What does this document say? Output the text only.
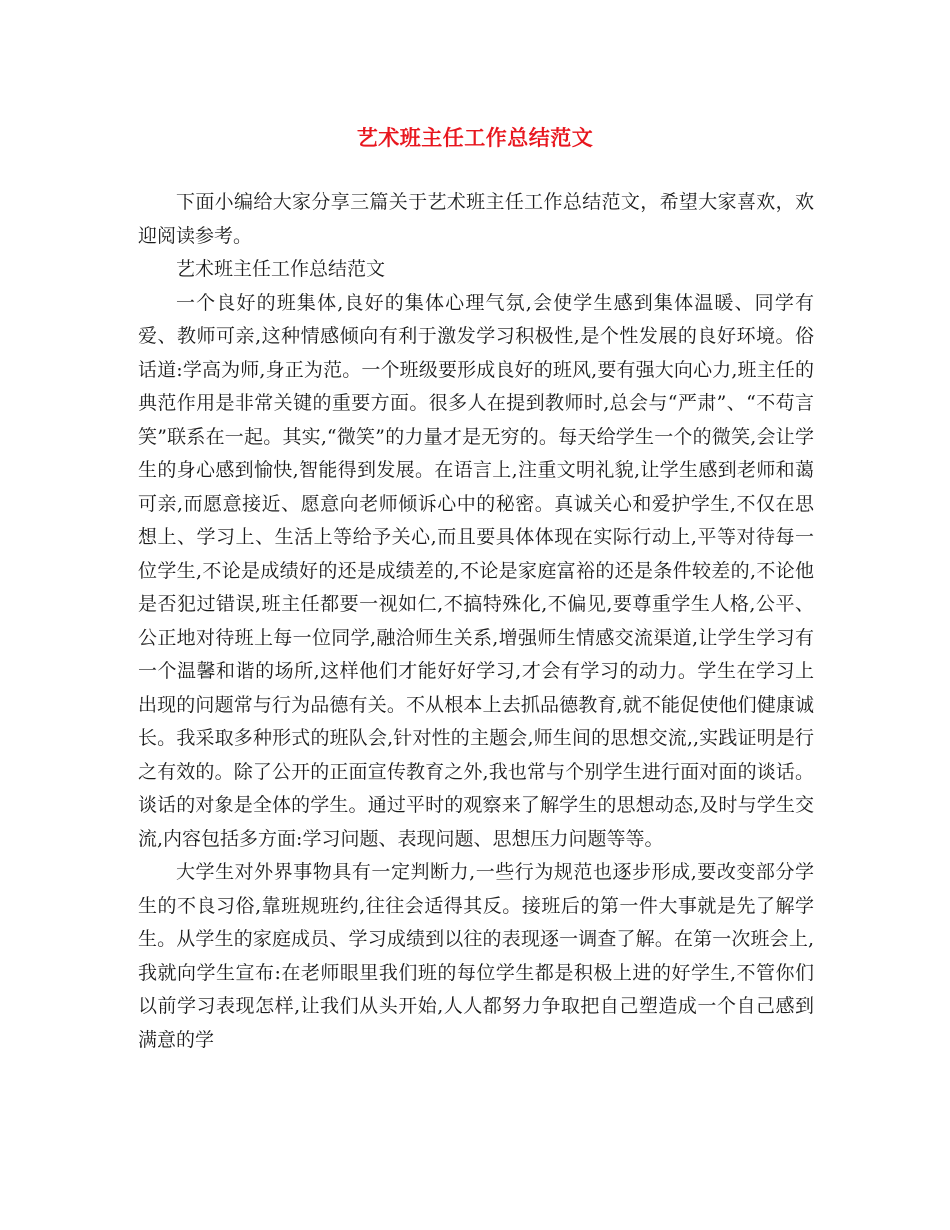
艺术班主任工作总结范文

下面小编给大家分享三篇关于艺术班主任工作总结范文，希望大家喜欢，欢迎阅读参考。

艺术班主任工作总结范文

一个良好的班集体,良好的集体心理气氛,会使学生感到集体温暖、同学有爱、教师可亲,这种情感倾向有利于激发学习积极性,是个性发展的良好环境。俗话道:学高为师,身正为范。一个班级要形成良好的班风,要有强大向心力,班主任的典范作用是非常关键的重要方面。很多人在提到教师时,总会与“严肃”、“不苟言笑”联系在一起。其实,“微笑”的力量才是无穷的。每天给学生一个的微笑,会让学生的身心感到愉快,智能得到发展。在语言上,注重文明礼貌,让学生感到老师和蔼可亲,而愿意接近、愿意向老师倾诉心中的秘密。真诚关心和爱护学生,不仅在思想上、学习上、生活上等给予关心,而且要具体体现在实际行动上,平等对待每一位学生,不论是成绩好的还是成绩差的,不论是家庭富裕的还是条件较差的,不论他是否犯过错误,班主任都要一视如仁,不搞特殊化,不偏见,要尊重学生人格,公平、公正地对待班上每一位同学,融洽师生关系,增强师生情感交流渠道,让学生学习有一个温馨和谐的场所,这样他们才能好好学习,才会有学习的动力。学生在学习上出现的问题常与行为品德有关。不从根本上去抓品德教育,就不能促使他们健康诚长。我采取多种形式的班队会,针对性的主题会,师生间的思想交流,,实践证明是行之有效的。除了公开的正面宣传教育之外,我也常与个别学生进行面对面的谈话。谈话的对象是全体的学生。通过平时的观察来了解学生的思想动态,及时与学生交流,内容包括多方面:学习问题、表现问题、思想压力问题等等。

大学生对外界事物具有一定判断力,一些行为规范也逐步形成,要改变部分学生的不良习俗,靠班规班约,往往会适得其反。接班后的第一件大事就是先了解学生。从学生的家庭成员、学习成绩到以往的表现逐一调查了解。在第一次班会上,我就向学生宣布:在老师眼里我们班的每位学生都是积极上进的好学生,不管你们以前学习表现怎样,让我们从头开始,人人都努力争取把自己塑造成一个自己感到满意的学
